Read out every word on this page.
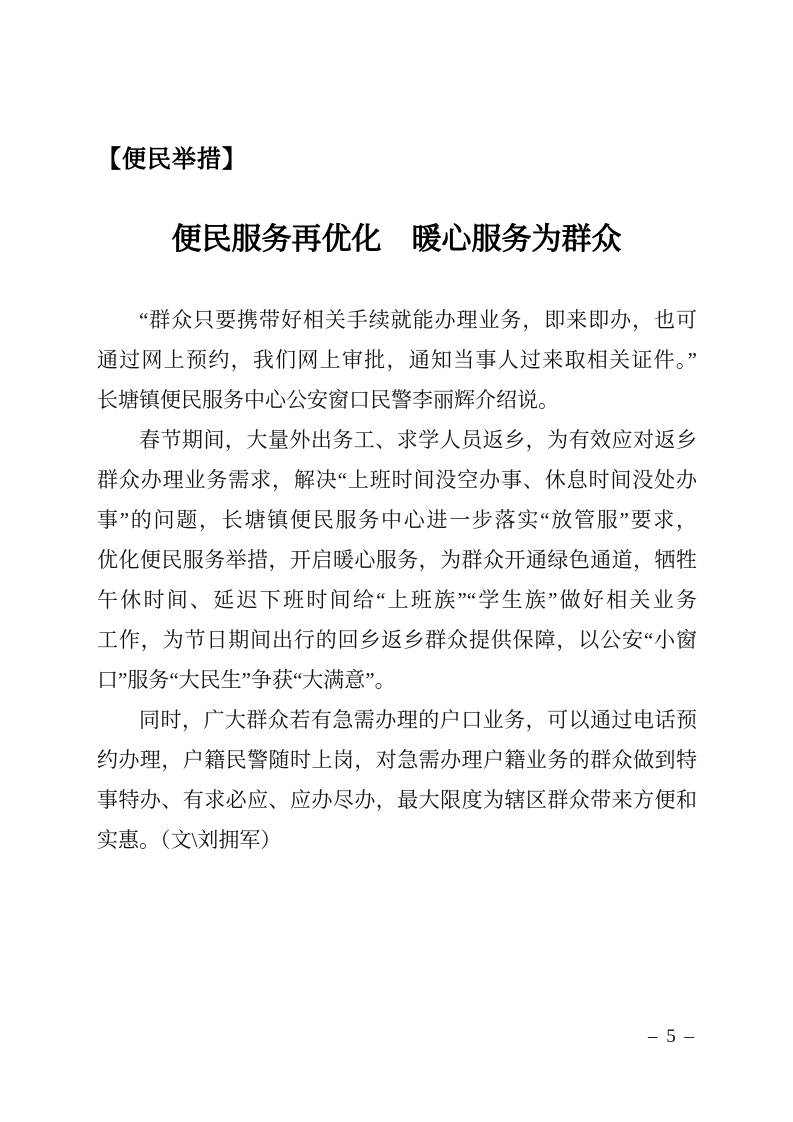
【便民举措】
便民服务再优化　暖心服务为群众
“群众只要携带好相关手续就能办理业务，即来即办，也可
通过网上预约，我们网上审批，通知当事人过来取相关证件。”
长塘镇便民服务中心公安窗口民警李丽辉介绍说。
春节期间，大量外出务工、求学人员返乡，为有效应对返乡
群众办理业务需求，解决“上班时间没空办事、休息时间没处办
事”的问题，长塘镇便民服务中心进一步落实“放管服”要求，
优化便民服务举措，开启暖心服务，为群众开通绿色通道，牺牲
午休时间、延迟下班时间给“上班族”“学生族”做好相关业务
工作，为节日期间出行的回乡返乡群众提供保障，以公安“小窗
口”服务“大民生”争获“大满意”。
同时，广大群众若有急需办理的户口业务，可以通过电话预
约办理，户籍民警随时上岗，对急需办理户籍业务的群众做到特
事特办、有求必应、应办尽办，最大限度为辖区群众带来方便和
实惠。（文\刘拥军）
– 5 –
